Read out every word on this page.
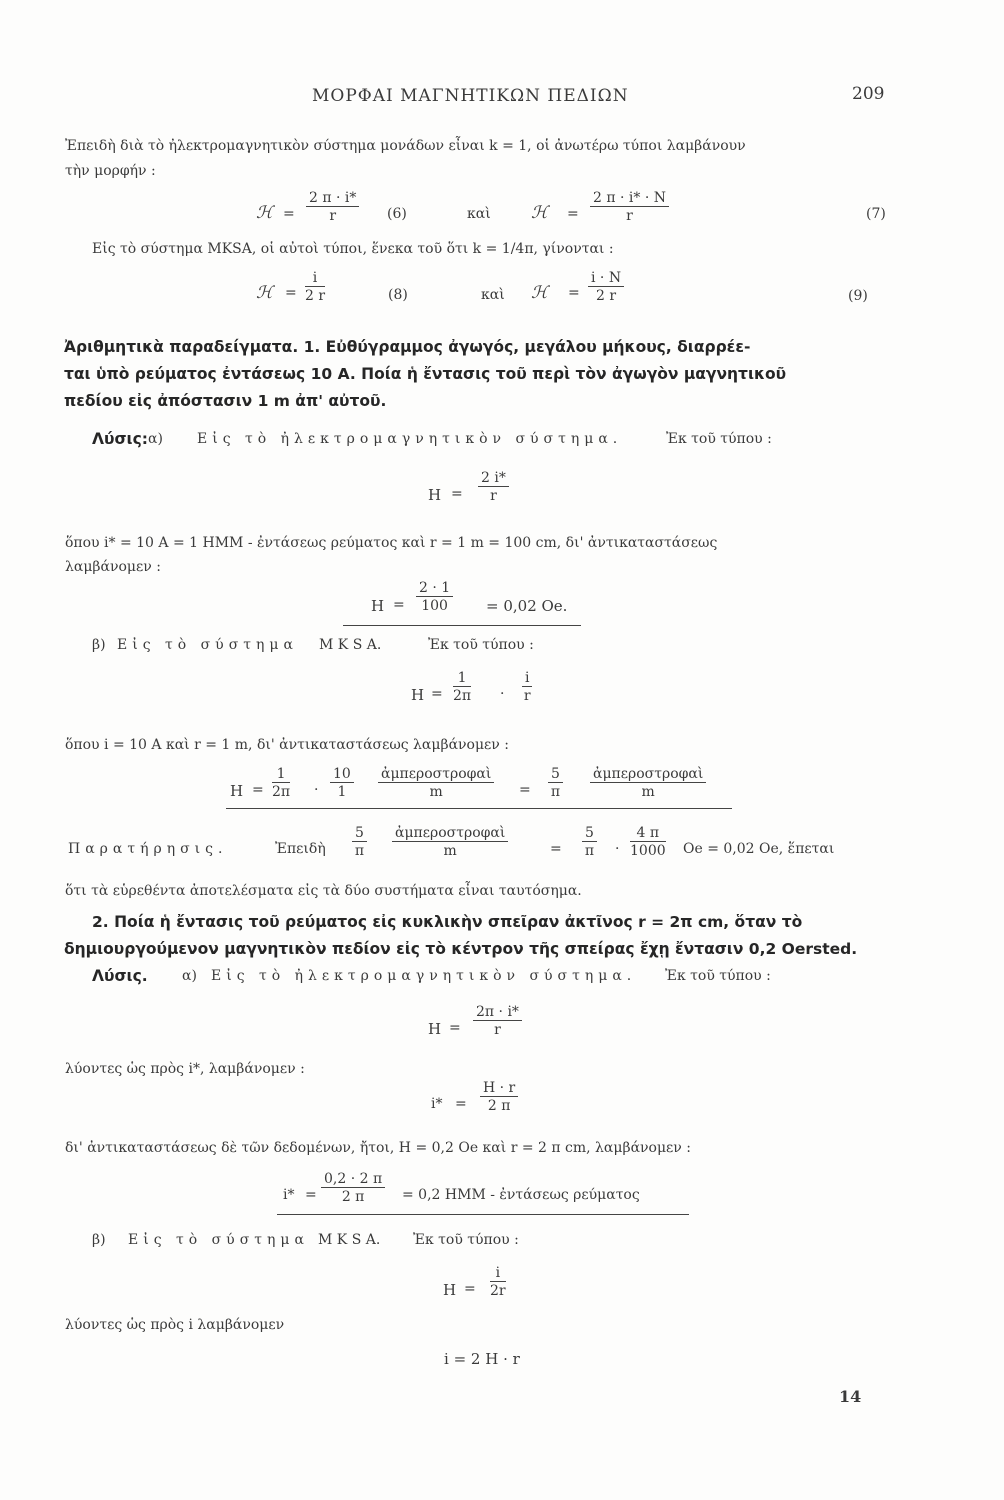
ΜΟΡΦΑΙ ΜΑΓΝΗΤΙΚΩΝ ΠΕΔΙΩΝ	209
Ἐπειδὴ διὰ τὸ ἠλεκτρομαγνητικὸν σύστημα μονάδων εἶναι k = 1, οἱ ἀνωτέρω τύποι λαμβάνουν
τὴν μορφήν :
ℋ = $\frac{2 \pi \cdot i*}{r} (6)$	καὶ ℋ = $\frac{2 \pi \cdot i* \cdot N}{r}$	(7)
Εἰς τὸ σύστημα MKSA, οἱ αὐτοὶ τύποι, ἕνεκα τοῦ ὅτι k = 1/4π, γίνονται :
ℋ = $\frac{i}{2 r}$	(8)	καὶ ℋ = $\frac{i \cdot N}{2 r}$	(9)
Ἀριθμητικὰ παραδείγματα. 1. Εὐθύγραμμος ἀγωγός, μεγάλου μήκους, διαρρέε-
ται ὑπὸ ρεύματος ἐντάσεως 10 A. Ποία ἡ ἔντασις τοῦ περὶ τὸν ἀγωγὸν μαγνητικοῦ
πεδίου εἰς ἀπόστασιν 1 m ἀπ' αὐτοῦ.
Λύσις: α) Εἰς τὸ ἠλεκτρομαγνητικὸν σύστημα.	Ἐκ τοῦ τύπου :
$H = \frac{2 i*}{r}$
ὅπου i* = 10 A = 1 HMM - ἐντάσεως ρεύματος καὶ r = 1 m = 100 cm, δι' ἀντικαταστάσεως
λαμβάνομεν :
$H = \frac{2 \cdot 1}{100} = 0,02$ Oe.
β) Εἰς τὸ σύστημα M K S A.	Ἐκ τοῦ τύπου :
$H = \frac{1}{2\pi} \cdot \frac{i}{r}$
ὅπου i = 10 A καὶ r = 1 m, δι' ἀντικαταστάσεως λαμβάνομεν :
$H = \frac{1}{2\pi} \cdot \frac{10}{1}$ ἀμπεροστροφαὶ
m	= $\frac{5}{\pi}$ ἀμπεροστροφαὶ
m
Παρατήρησις.	Ἐπειδὴ $\frac{5}{\pi}$ ἀμπεροστροφαὶ
m	= $\frac{5}{\pi} \cdot \frac{4 \pi}{1000}$ Oe = 0,02 Oe, ἕπεται
ὅτι τὰ εὑρεθέντα ἀποτελέσματα εἰς τὰ δύο συστήματα εἶναι ταυτόσημα.
2. Ποία ἡ ἔντασις τοῦ ρεύματος εἰς κυκλικὴν σπεῖραν ἀκτῖνος r = 2π cm, ὅταν τὸ
δημιουργούμενον μαγνητικὸν πεδίον εἰς τὸ κέντρον τῆς σπείρας ἔχῃ ἔντασιν 0,2 Oersted.
Λύσις. α) Εἰς τὸ ἠλεκτρομαγνητικὸν σύστημα. Ἐκ τοῦ τύπου :
$H = \frac{2\pi \cdot i*}{r}$
λύοντες ὡς πρὸς i*, λαμβάνομεν :
$i* = \frac{H \cdot r}{2 \pi}$
δι' ἀντικαταστάσεως δὲ τῶν δεδομένων, ἤτοι, H = 0,2 Oe καὶ r = 2 π cm, λαμβάνομεν :
$i* = \frac{0,2 \cdot 2 \pi}{2 \pi} = 0,2$ HMM - ἐντάσεως ρεύματος
β) Εἰς τὸ σύστημα M K S A. Ἐκ τοῦ τύπου :
$H = \frac{i}{2r}$
λύοντες ὡς πρὸς i λαμβάνομεν
i = 2 H · r
14
